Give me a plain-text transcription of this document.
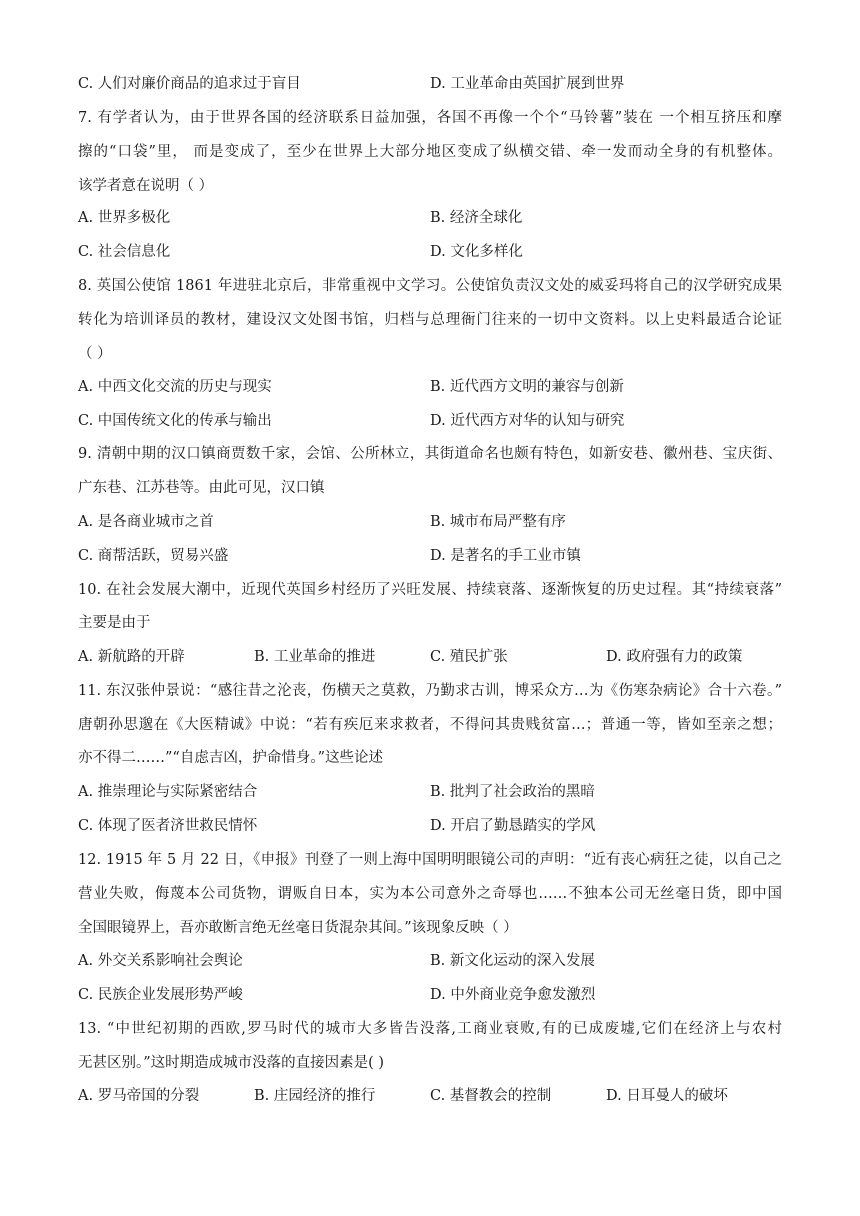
C. 人们对廉价商品的追求过于盲目	D. 工业革命由英国扩展到世界
7. 有学者认为，由于世界各国的经济联系日益加强，各国不再像一个个“马铃薯”装在 一个相互挤压和摩
擦的“口袋”里， 而是变成了，至少在世界上大部分地区变成了纵横交错、牵一发而动全身的有机整体。
该学者意在说明（ ）
A. 世界多极化	B. 经济全球化
C. 社会信息化	D. 文化多样化
8. 英国公使馆 1861 年进驻北京后，非常重视中文学习。公使馆负责汉文处的威妥玛将自己的汉学研究成果
转化为培训译员的教材，建设汉文处图书馆，归档与总理衙门往来的一切中文资料。以上史料最适合论证
（ ）
A. 中西文化交流的历史与现实	B. 近代西方文明的兼容与创新
C. 中国传统文化的传承与输出	D. 近代西方对华的认知与研究
9. 清朝中期的汉口镇商贾数千家，会馆、公所林立，其街道命名也颇有特色，如新安巷、徽州巷、宝庆街、
广东巷、江苏巷等。由此可见，汉口镇
A. 是各商业城市之首	B. 城市布局严整有序
C. 商帮活跃，贸易兴盛	D. 是著名的手工业市镇
10. 在社会发展大潮中，近现代英国乡村经历了兴旺发展、持续衰落、逐渐恢复的历史过程。其“持续衰落”
主要是由于
A. 新航路的开辟	B. 工业革命的推进	C. 殖民扩张	D. 政府强有力的政策
11. 东汉张仲景说：“感往昔之沦丧，伤横天之莫救，乃勤求古训，博采众方…为《伤寒杂病论》合十六卷。”
唐朝孙思邈在《大医精诚》中说：“若有疾厄来求救者，不得问其贵贱贫富…；普通一等，皆如至亲之想；
亦不得二……”“自虑吉凶，护命惜身。”这些论述
A. 推崇理论与实际紧密结合	B. 批判了社会政治的黑暗
C. 体现了医者济世救民情怀	D. 开启了勤恳踏实的学风
12. 1915 年 5 月 22 日，《申报》刊登了一则上海中国明明眼镜公司的声明：“近有丧心病狂之徒，以自己之
营业失败，侮蔑本公司货物，谓贩自日本，实为本公司意外之奇辱也……不独本公司无丝毫日货，即中国
全国眼镜界上，吾亦敢断言绝无丝毫日货混杂其间。”该现象反映（ ）
A. 外交关系影响社会舆论	B. 新文化运动的深入发展
C. 民族企业发展形势严峻	D. 中外商业竞争愈发激烈
13. “中世纪初期的西欧,罗马时代的城市大多皆告没落,工商业衰败,有的已成废墟,它们在经济上与农村
无甚区别。”这时期造成城市没落的直接因素是( )
A. 罗马帝国的分裂	B. 庄园经济的推行	C. 基督教会的控制	D. 日耳曼人的破坏
